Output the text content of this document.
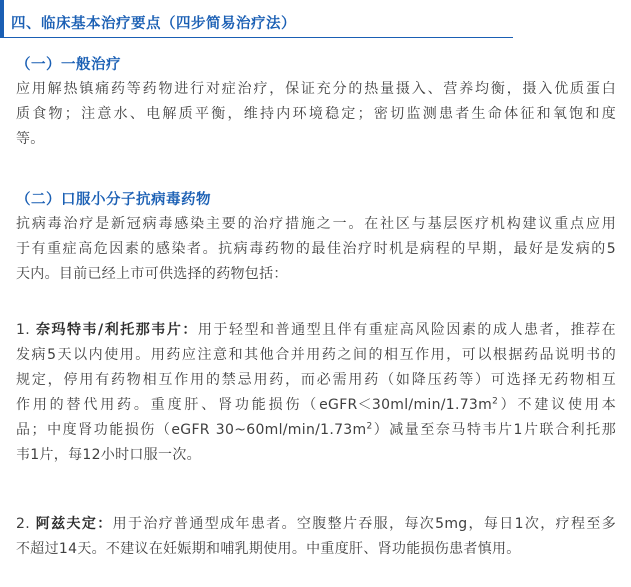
四、临床基本治疗要点（四步简易治疗法）
（一）一般治疗
应用解热镇痛药等药物进行对症治疗，保证充分的热量摄入、营养均衡，摄入优质蛋白
质食物；注意水、电解质平衡，维持内环境稳定；密切监测患者生命体征和氧饱和度
等。
（二）口服小分子抗病毒药物
抗病毒治疗是新冠病毒感染主要的治疗措施之一。在社区与基层医疗机构建议重点应用
于有重症高危因素的感染者。抗病毒药物的最佳治疗时机是病程的早期，最好是发病的5
天内。目前已经上市可供选择的药物包括：
1. 奈玛特韦/利托那韦片：用于轻型和普通型且伴有重症高风险因素的成人患者，推荐在
发病5天以内使用。用药应注意和其他合并用药之间的相互作用，可以根据药品说明书的
规定，停用有药物相互作用的禁忌用药，而必需用药（如降压药等）可选择无药物相互
作用的替代用药。重度肝、肾功能损伤$(eGFR<30ml/\min/1.73m^2)$不建议使用本
品；中度肾功能损伤（eGFR $30\sim 60ml/\min/1.73m^2$）减量至奈马特韦片1片联合利托那
韦1片，每12小时口服一次。
2. 阿兹夫定：用于治疗普通型成年患者。空腹整片吞服，每次5mg，每日1次，疗程至多
不超过14天。不建议在妊娠期和哺乳期使用。中重度肝、肾功能损伤患者慎用。
